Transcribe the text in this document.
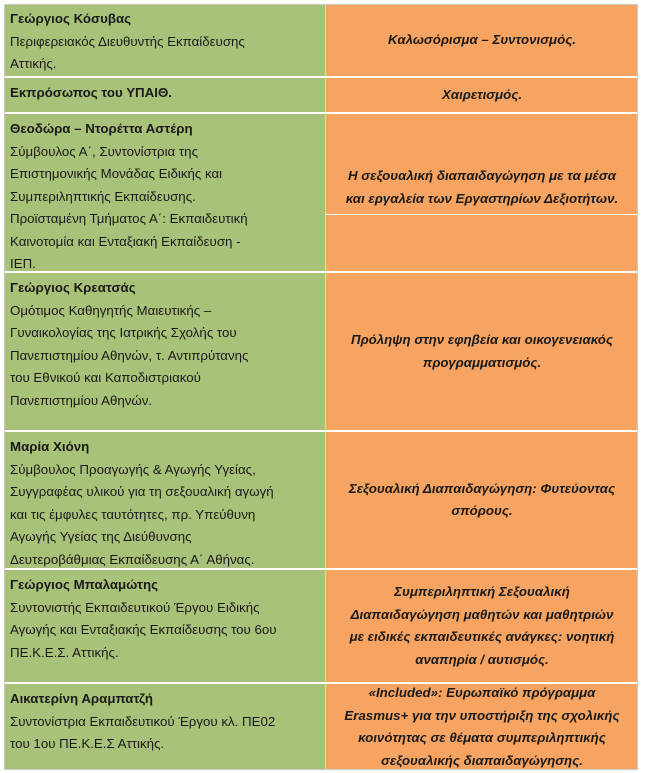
Γεώργιος Κόσυβας
Περιφερειακός Διευθυντής Εκπαίδευσης
Αττικής.
Καλωσόρισμα – Συντονισμός.
Εκπρόσωπος του ΥΠΑΙΘ.	Χαιρετισμός.
Θεοδώρα – Ντορέττα Αστέρη
Σύμβουλος Α΄, Συντονίστρια της
Επιστημονικής Μονάδας Ειδικής και
Συμπεριληπτικής Εκπαίδευσης.
Προϊσταμένη Τμήματος Α΄: Εκπαιδευτική
Καινοτομία και Ενταξιακή Εκπαίδευση -
ΙΕΠ.
Η σεξουαλική διαπαιδαγώγηση με τα μέσα
και εργαλεία των Εργαστηρίων Δεξιοτήτων.
Γεώργιος Κρεατσάς
Ομότιμος Καθηγητής Μαιευτικής –
Γυναικολογίας της Ιατρικής Σχολής του
Πανεπιστημίου Αθηνών, τ. Αντιπρύτανης
του Εθνικού και Καποδιστριακού
Πανεπιστημίου Αθηνών.
Πρόληψη στην εφηβεία και οικογενειακός
προγραμματισμός.
Μαρία Χιόνη
Σύμβουλος Προαγωγής & Αγωγής Υγείας,
Συγγραφέας υλικού για τη σεξουαλική αγωγή
και τις έμφυλες ταυτότητες, πρ. Υπεύθυνη
Αγωγής Υγείας της Διεύθυνσης
Δευτεροβάθμιας Εκπαίδευσης Α΄ Αθήνας.
Σεξουαλική Διαπαιδαγώγηση: Φυτεύοντας
σπόρους.
Γεώργιος Μπαλαμώτης
Συντονιστής Εκπαιδευτικού Έργου Ειδικής
Αγωγής και Ενταξιακής Εκπαίδευσης του 6ου
ΠΕ.Κ.Ε.Σ. Αττικής.
Συμπεριληπτική Σεξουαλική
Διαπαιδαγώγηση μαθητών και μαθητριών
με ειδικές εκπαιδευτικές ανάγκες: νοητική
αναπηρία / αυτισμός.
Αικατερίνη Αραμπατζή
Συντονίστρια Εκπαιδευτικού Έργου κλ. ΠΕ02
του 1ου ΠΕ.Κ.Ε.Σ Αττικής.
«Included»: Ευρωπαϊκό πρόγραμμα
Erasmus+ για την υποστήριξη της σχολικής
κοινότητας σε θέματα συμπεριληπτικής
σεξουαλικής διαπαιδαγώγησης.
